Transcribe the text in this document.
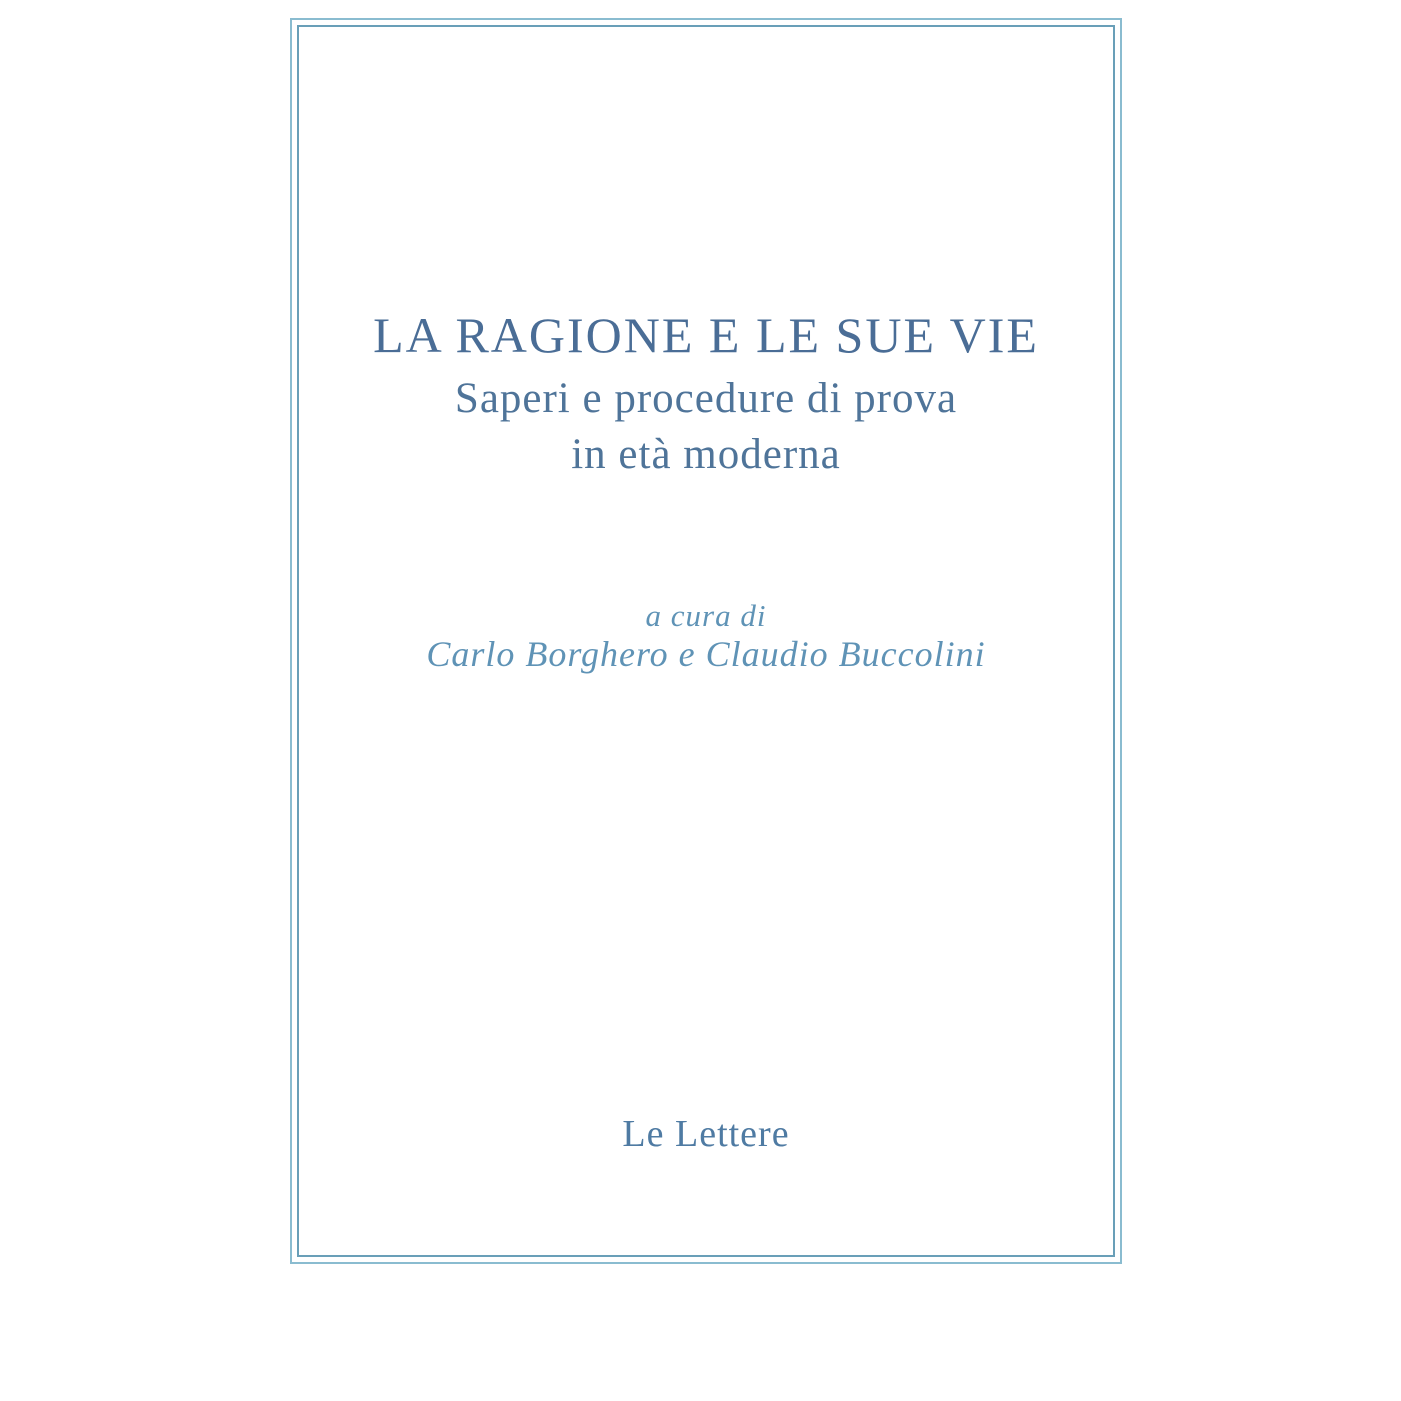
LA RAGIONE E LE SUE VIE
Saperi e procedure di prova
in età moderna
a cura di
Carlo Borghero e Claudio Buccolini
Le Lettere
